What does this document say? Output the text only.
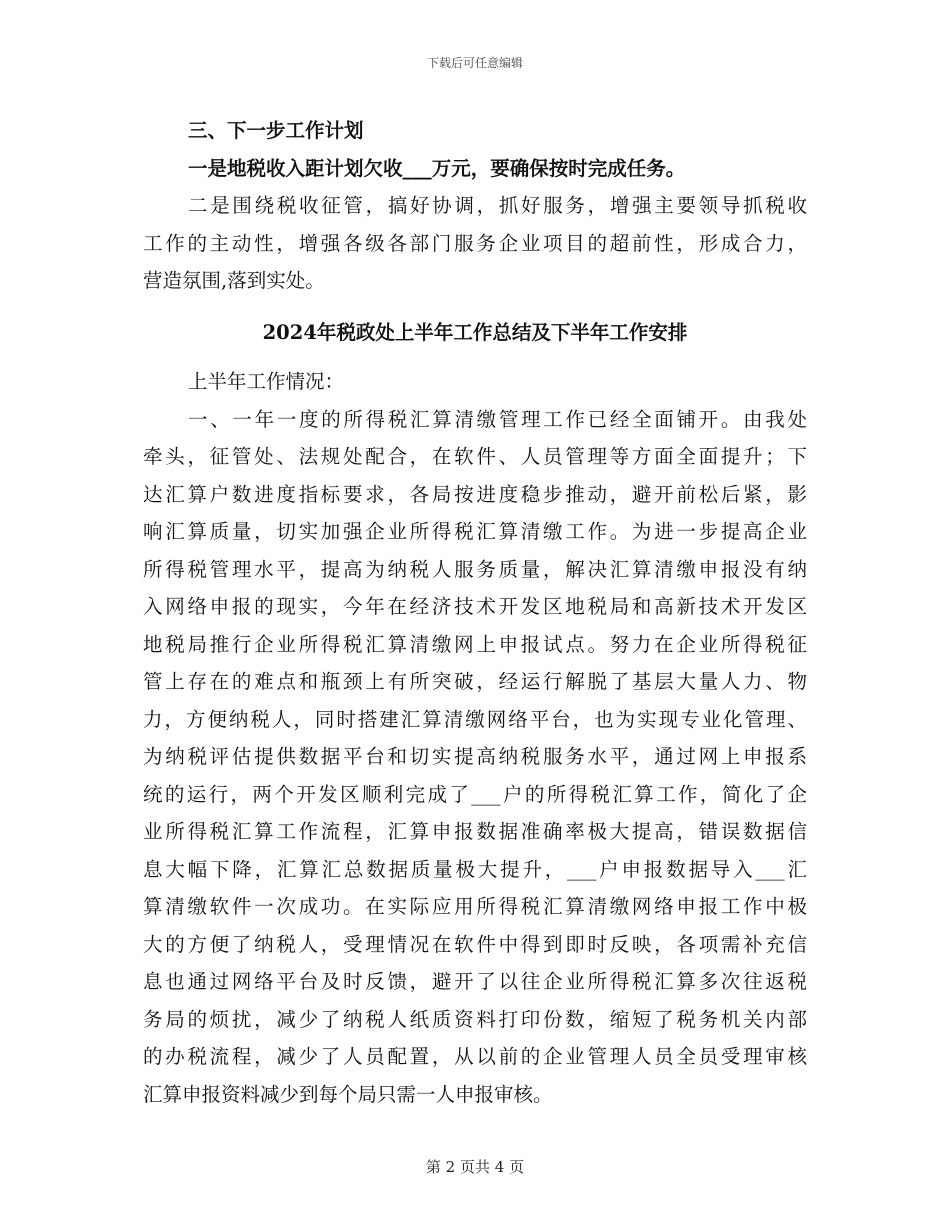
下载后可任意编辑
三、下一步工作计划
一是地税收入距计划欠收___万元，要确保按时完成任务。
二是围绕税收征管，搞好协调，抓好服务，增强主要领导抓税收
工作的主动性，增强各级各部门服务企业项目的超前性，形成合力，
营造氛围,落到实处。
2024年税政处上半年工作总结及下半年工作安排
上半年工作情况：
一、一年一度的所得税汇算清缴管理工作已经全面铺开。由我处
牵头，征管处、法规处配合，在软件、人员管理等方面全面提升；下
达汇算户数进度指标要求，各局按进度稳步推动，避开前松后紧，影
响汇算质量，切实加强企业所得税汇算清缴工作。为进一步提高企业
所得税管理水平，提高为纳税人服务质量，解决汇算清缴申报没有纳
入网络申报的现实，今年在经济技术开发区地税局和高新技术开发区
地税局推行企业所得税汇算清缴网上申报试点。努力在企业所得税征
管上存在的难点和瓶颈上有所突破，经运行解脱了基层大量人力、物
力，方便纳税人，同时搭建汇算清缴网络平台，也为实现专业化管理、
为纳税评估提供数据平台和切实提高纳税服务水平，通过网上申报系
统的运行，两个开发区顺利完成了___户的所得税汇算工作，简化了企
业所得税汇算工作流程，汇算申报数据准确率极大提高，错误数据信
息大幅下降，汇算汇总数据质量极大提升，___户申报数据导入___汇
算清缴软件一次成功。在实际应用所得税汇算清缴网络申报工作中极
大的方便了纳税人，受理情况在软件中得到即时反映，各项需补充信
息也通过网络平台及时反馈，避开了以往企业所得税汇算多次往返税
务局的烦扰，减少了纳税人纸质资料打印份数，缩短了税务机关内部
的办税流程，减少了人员配置，从以前的企业管理人员全员受理审核
汇算申报资料减少到每个局只需一人申报审核。
第 2 页共 4 页
